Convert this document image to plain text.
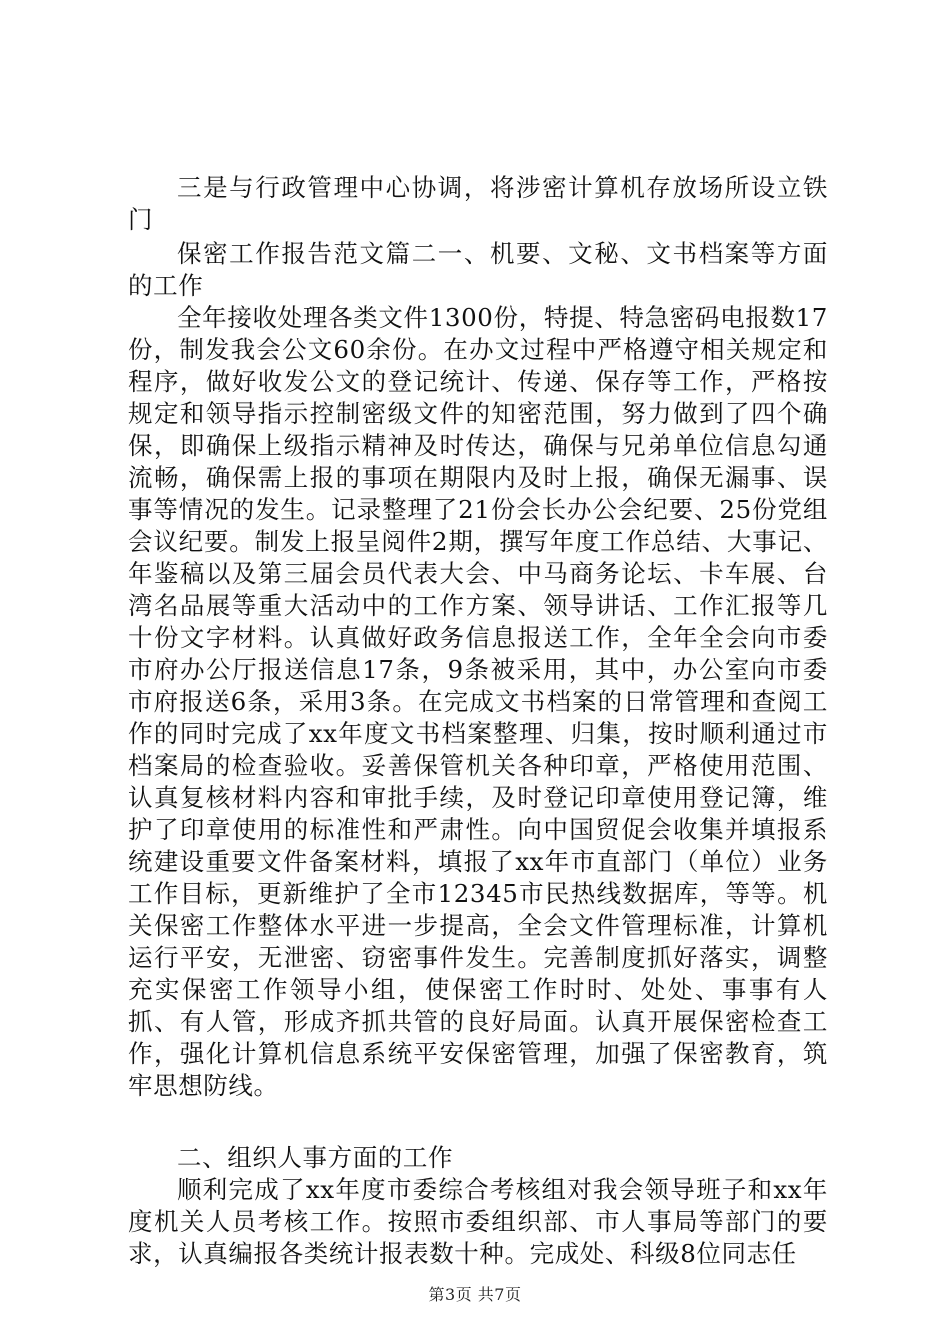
三是与行政管理中心协调，将涉密计算机存放场所设立铁门

保密工作报告范文篇二一、机要、文秘、文书档案等方面的工作

全年接收处理各类文件1300份，特提、特急密码电报数17份，制发我会公文60余份。在办文过程中严格遵守相关规定和程序，做好收发公文的登记统计、传递、保存等工作，严格按规定和领导指示控制密级文件的知密范围，努力做到了四个确保，即确保上级指示精神及时传达，确保与兄弟单位信息勾通流畅，确保需上报的事项在期限内及时上报，确保无漏事、误事等情况的发生。记录整理了21份会长办公会纪要、25份党组会议纪要。制发上报呈阅件2期，撰写年度工作总结、大事记、年鉴稿以及第三届会员代表大会、中马商务论坛、卡车展、台湾名品展等重大活动中的工作方案、领导讲话、工作汇报等几十份文字材料。认真做好政务信息报送工作，全年全会向市委市府办公厅报送信息17条，9条被采用，其中，办公室向市委市府报送6条，采用3条。在完成文书档案的日常管理和查阅工作的同时完成了xx年度文书档案整理、归集，按时顺利通过市档案局的检查验收。妥善保管机关各种印章，严格使用范围、认真复核材料内容和审批手续，及时登记印章使用登记簿，维护了印章使用的标准性和严肃性。向中国贸促会收集并填报系统建设重要文件备案材料，填报了xx年市直部门（单位）业务工作目标，更新维护了全市12345市民热线数据库，等等。机关保密工作整体水平进一步提高，全会文件管理标准，计算机运行平安，无泄密、窃密事件发生。完善制度抓好落实，调整充实保密工作领导小组，使保密工作时时、处处、事事有人抓、有人管，形成齐抓共管的良好局面。认真开展保密检查工作，强化计算机信息系统平安保密管理，加强了保密教育，筑牢思想防线。

二、组织人事方面的工作

顺利完成了xx年度市委综合考核组对我会领导班子和xx年度机关人员考核工作。按照市委组织部、市人事局等部门的要求，认真编报各类统计报表数十种。完成处、科级8位同志任

第3页 共7页
